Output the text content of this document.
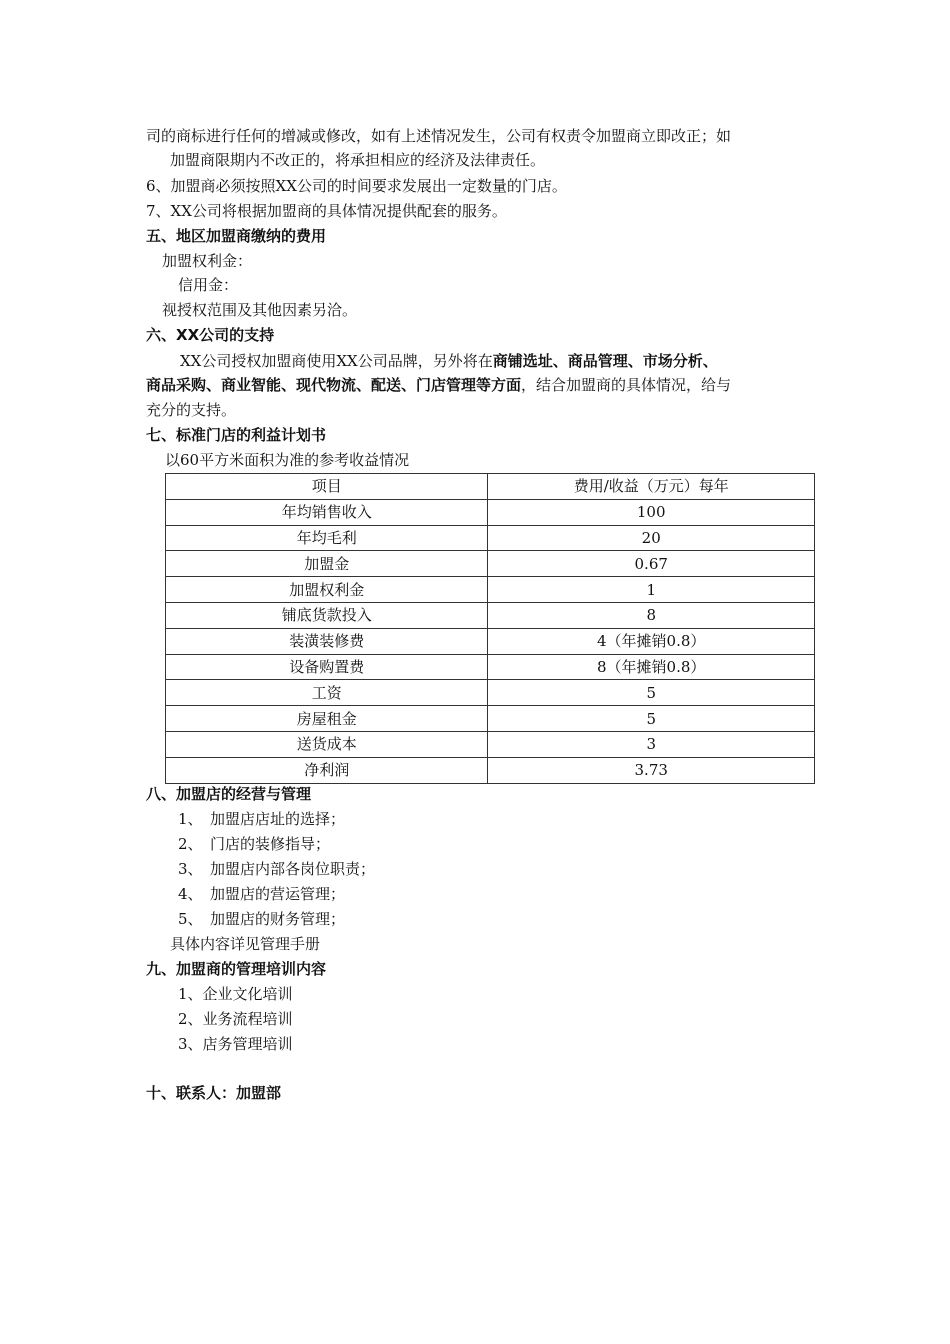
司的商标进行任何的增减或修改，如有上述情况发生，公司有权责令加盟商立即改正；如
加盟商限期内不改正的，将承担相应的经济及法律责任。
6、加盟商必须按照XX公司的时间要求发展出一定数量的门店。
7、XX公司将根据加盟商的具体情况提供配套的服务。
五、地区加盟商缴纳的费用
加盟权利金：
信用金：
视授权范围及其他因素另洽。
六、XX公司的支持
XX公司授权加盟商使用XX公司品牌，另外将在商铺选址、商品管理、市场分析、
商品采购、商业智能、现代物流、配送、门店管理等方面，结合加盟商的具体情况，给与
充分的支持。
七、标准门店的利益计划书
以60平方米面积为准的参考收益情况
项目	费用/收益（万元）每年
年均销售收入	100
年均毛利	20
加盟金	0.67
加盟权利金	1
铺底货款投入	8
装潢装修费	4（年摊销0.8）
设备购置费	8（年摊销0.8）
工资	5
房屋租金	5
送货成本	3
净利润	3.73
八、加盟店的经营与管理
1、　加盟店店址的选择；
2、　门店的装修指导；
3、　加盟店内部各岗位职责；
4、　加盟店的营运管理；
5、　加盟店的财务管理；
具体内容详见管理手册
九、加盟商的管理培训内容
1、企业文化培训
2、业务流程培训
3、店务管理培训
十、联系人：加盟部
